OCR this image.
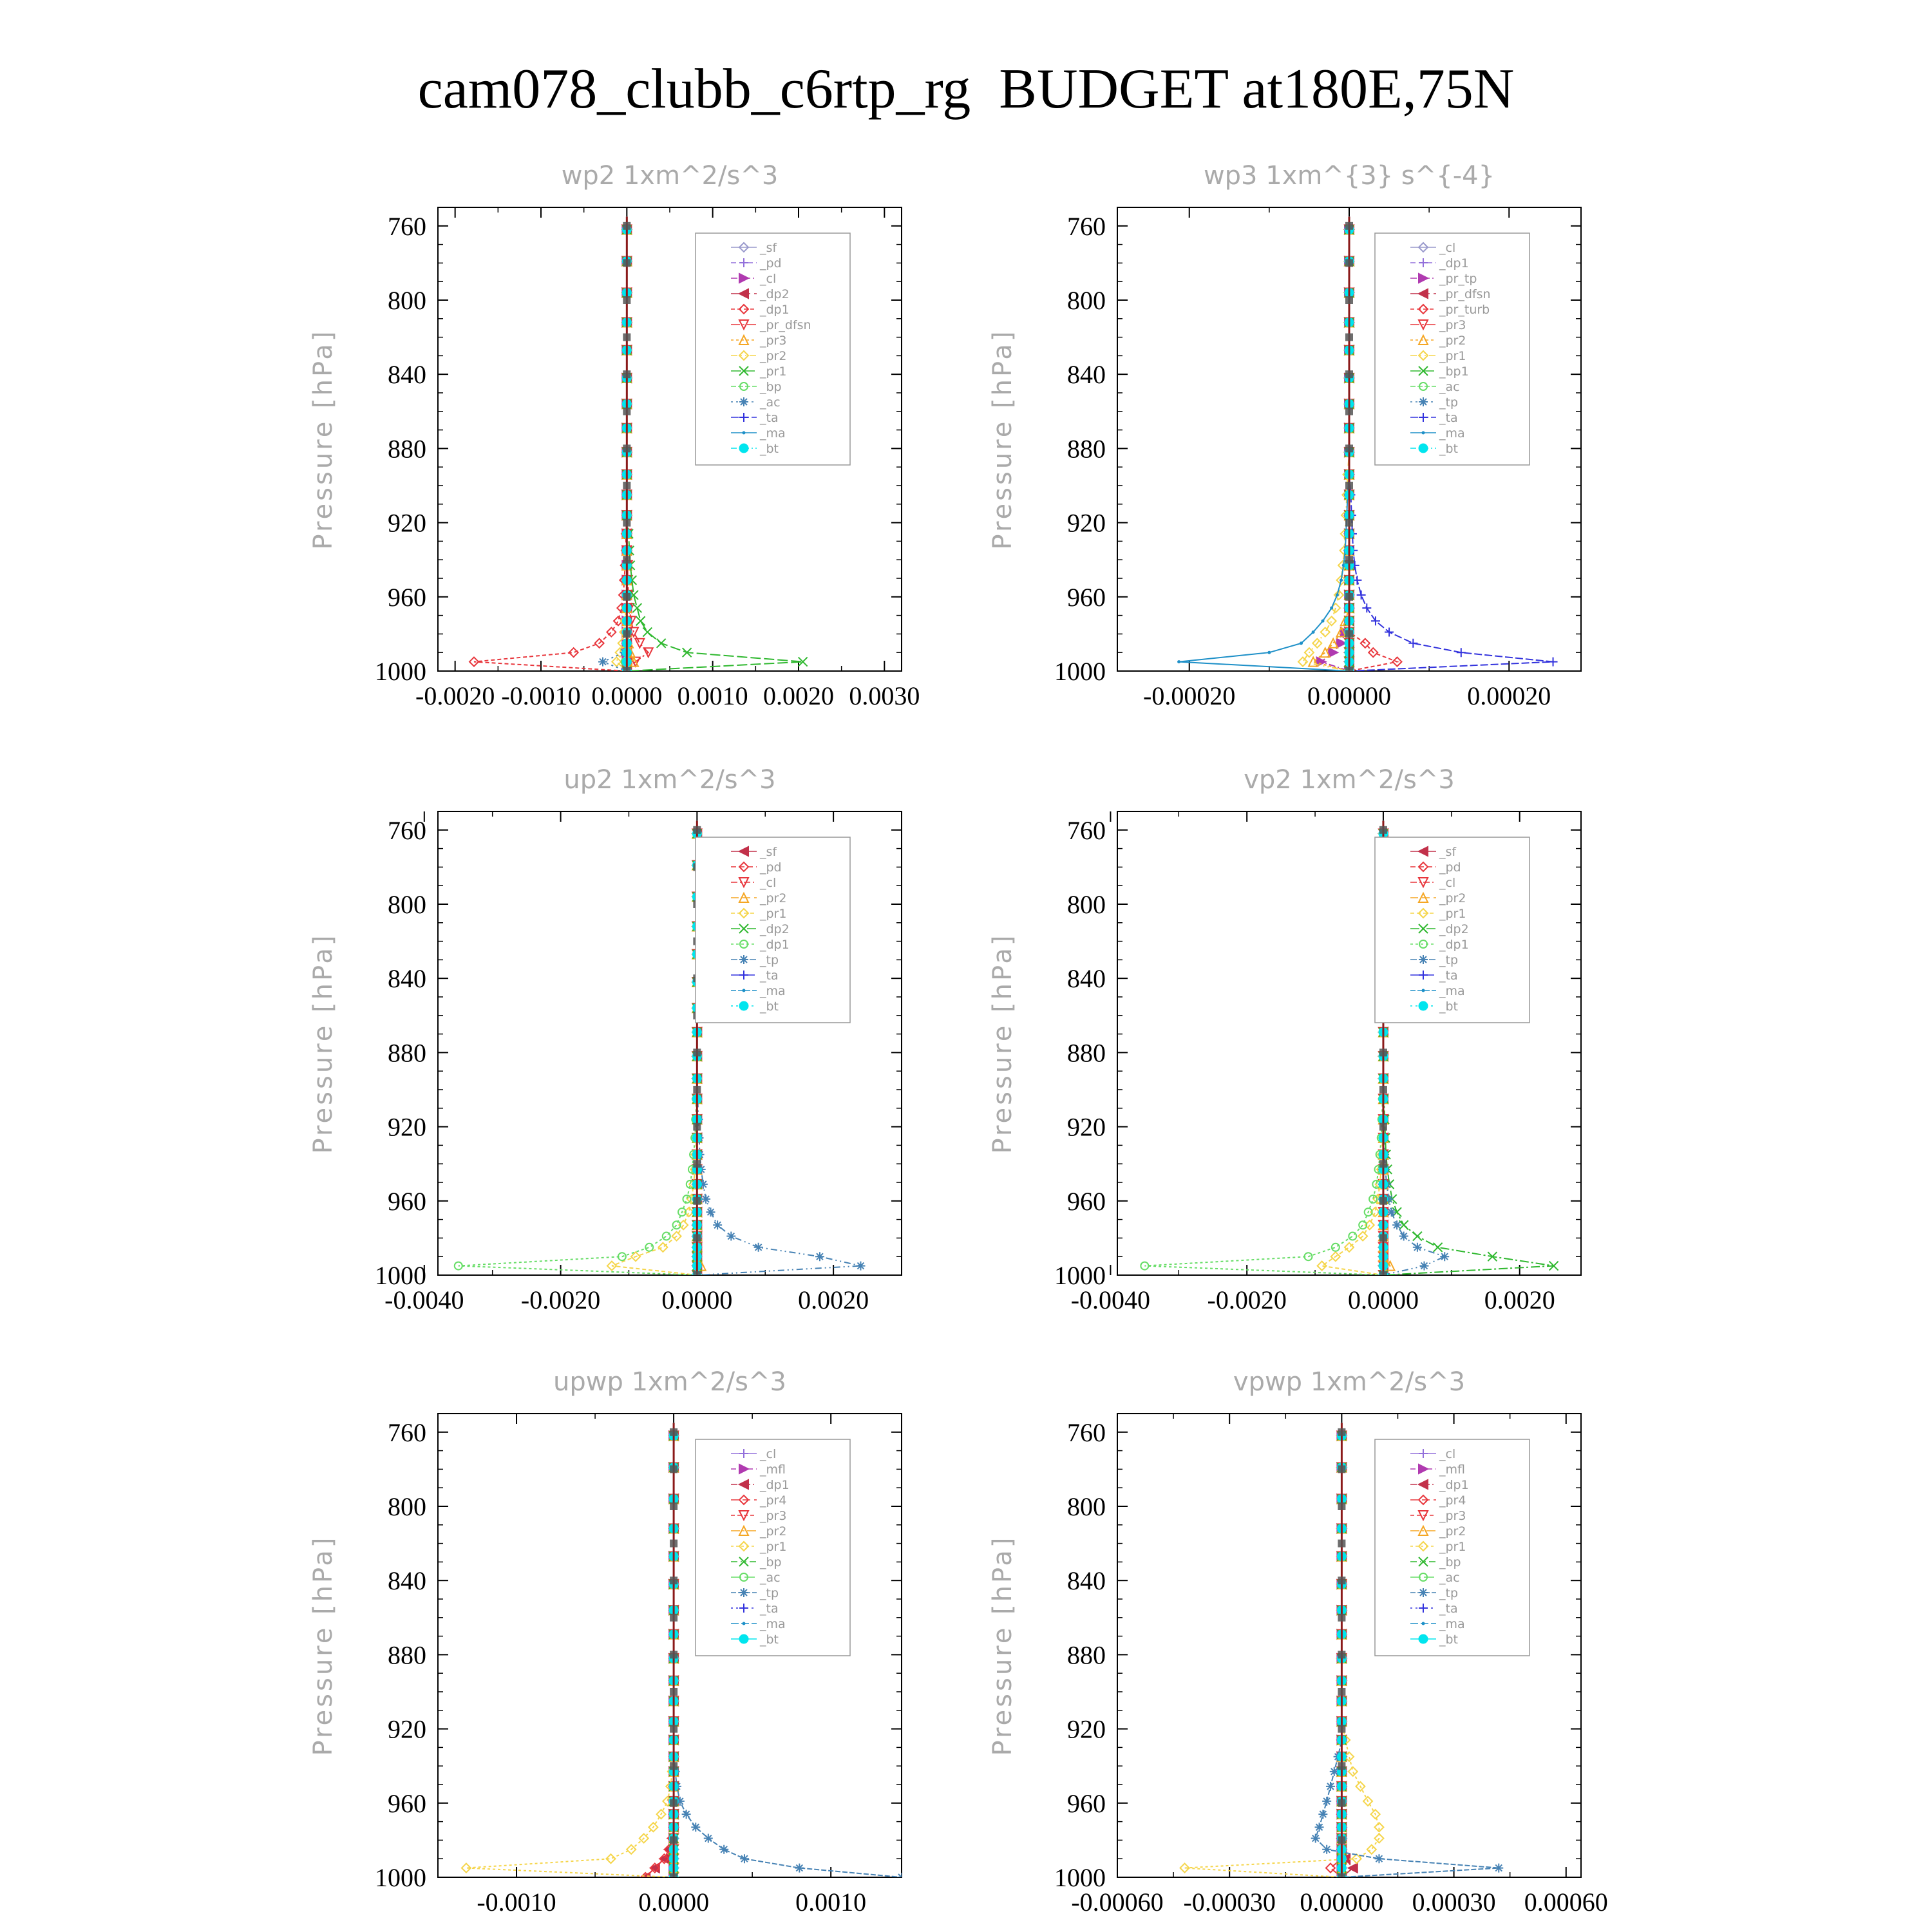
cam078_clubb_c6rtp_rg  BUDGET at180E,75N
wp2 1xm^2/s^3
Pressure [hPa]
760
800
840
880
920
960
1000
-0.0020 -0.0010 0.0000 0.0010 0.0020 0.0030
_sf
_pd
_cl
_dp2
_dp1
_pr_dfsn
_pr3
_pr2
_pr1
_bp
_ac
_ta
_ma
_bt
wp3 1xm^{3} s^{-4}
Pressure [hPa]
760
800
840
880
920
960
1000
-0.00020	0.00000	0.00020
_cl
_dp1
_pr_tp
_pr_dfsn
_pr_turb
_pr3
_pr2
_pr1
_bp1
_ac
_tp
_ta
_ma
_bt
up2 1xm^2/s^3
Pressure [hPa]
760
800
840
880
920
960
1000
-0.0040 -0.0020 0.0000	0.0020
_sf
_pd
_cl
_pr2
_pr1
_dp2
_dp1
_tp
_ta
_ma
_bt
vp2 1xm^2/s^3
Pressure [hPa]
760
800
840
880
920
960
1000
-0.0040 -0.0020 0.0000	0.0020
_sf
_pd
_cl
_pr2
_pr1
_dp2
_dp1
_tp
_ta
_ma
_bt
upwp 1xm^2/s^3
Pressure [hPa]
760
800
840
880
920
960
1000
-0.0010	0.0000	0.0010
_cl
_mfl
_dp1
_pr4
_pr3
_pr2
_pr1
_bp
_ac
_tp
_ta
_ma
_bt
vpwp 1xm^2/s^3
Pressure [hPa]
760
800
840
880
920
960
1000
-0.00060 -0.00030 0.00000 0.00030 0.00060
_cl
_mfl
_dp1
_pr4
_pr3
_pr2
_pr1
_bp
_ac
_tp
_ta
_ma
_bt
